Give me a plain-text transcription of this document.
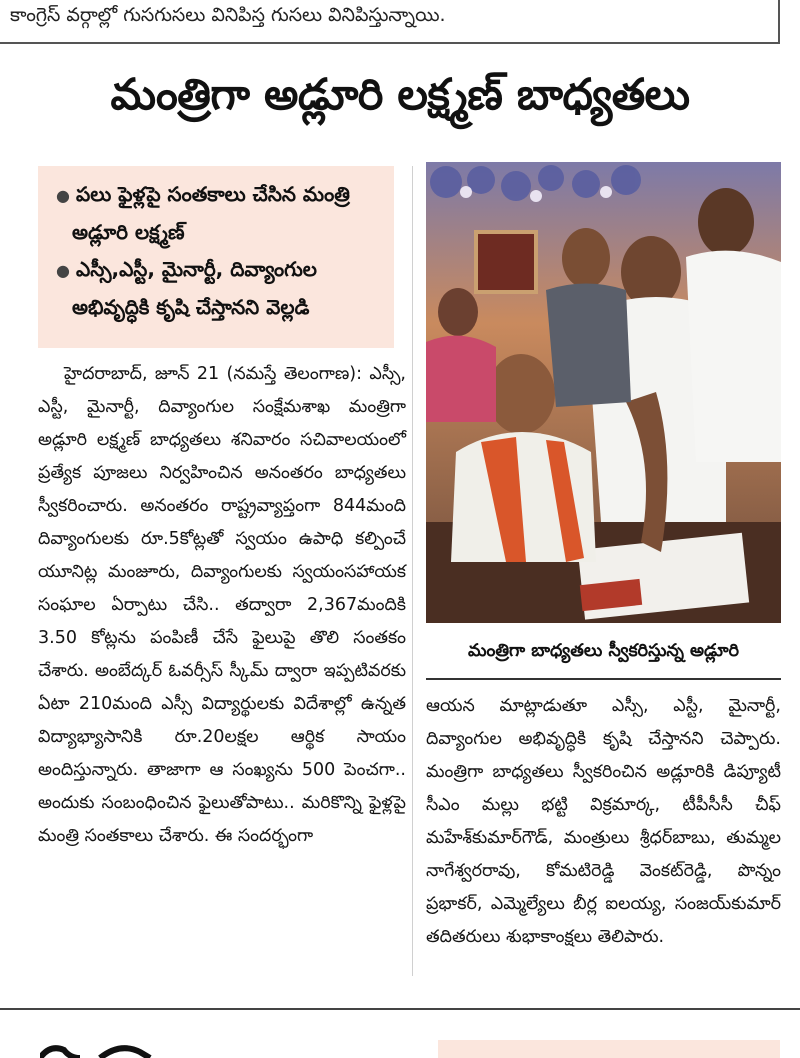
కాంగ్రెస్ వర్గాల్లో గుసగుసలు వినిపిస్త గుసలు వినిపిస్తున్నాయి.
మంత్రిగా అడ్లూరి లక్ష్మణ్ బాధ్యతలు
● పలు ఫైళ్లపై సంతకాలు చేసిన మంత్రి అడ్లూరి లక్ష్మణ్
● ఎస్సీ,ఎస్టీ, మైనార్టీ, దివ్యాంగుల అభివృద్ధికి కృషి చేస్తానని వెల్లడి

హైదరాబాద్, జూన్ 21 (నమస్తే తెలంగాణ): ఎస్సీ, ఎస్టీ, మైనార్టీ, దివ్యాంగుల సంక్షేమశాఖ మంత్రిగా అడ్లూరి లక్ష్మణ్ బాధ్యతలు శనివారం సచివాలయంలో ప్రత్యేక పూజలు నిర్వహించిన అనంతరం బాధ్యతలు స్వీకరించారు. అనంతరం రాష్ట్రవ్యాప్తంగా 844మంది దివ్యాంగులకు రూ.5కోట్లతో స్వయం ఉపాధి కల్పించే యూనిట్ల మంజూరు, దివ్యాంగులకు స్వయంసహాయక సంఘాల ఏర్పాటు చేసి.. తద్వారా 2,367మందికి 3.50 కోట్లను పంపిణీ చేసే ఫైలుపై తొలి సంతకం చేశారు. అంబేద్కర్ ఓవర్సీస్ స్కీమ్ ద్వారా ఇప్పటివరకు ఏటా 210మంది ఎస్సీ విద్యార్థులకు విదేశాల్లో ఉన్నత విద్యాభ్యాసానికి రూ.20లక్షల ఆర్థిక సాయం అందిస్తున్నారు. తాజాగా ఆ సంఖ్యను 500 పెంచగా.. అందుకు సంబంధించిన ఫైలుతోపాటు.. మరికొన్ని ఫైళ్లపై మంత్రి సంతకాలు చేశారు. ఈ సందర్భంగా

మంత్రిగా బాధ్యతలు స్వీకరిస్తున్న అడ్లూరి

ఆయన మాట్లాడుతూ ఎస్సీ, ఎస్టీ, మైనార్టీ, దివ్యాంగుల అభివృద్ధికి కృషి చేస్తానని చెప్పారు. మంత్రిగా బాధ్యతలు స్వీకరించిన అడ్లూరికి డిప్యూటీ సీఎం మల్లు భట్టి విక్రమార్క, టీపీసీసీ చీఫ్ మహేశ్‌కుమార్‌గౌడ్, మంత్రులు శ్రీధర్‌బాబు, తుమ్మల నాగేశ్వరరావు, కోమటిరెడ్డి వెంకట్‌రెడ్డి, పొన్నం ప్రభాకర్, ఎమ్మెల్యేలు బీర్ల ఐలయ్య, సంజయ్‌కుమార్ తదితరులు శుభాకాంక్షలు తెలిపారు.
